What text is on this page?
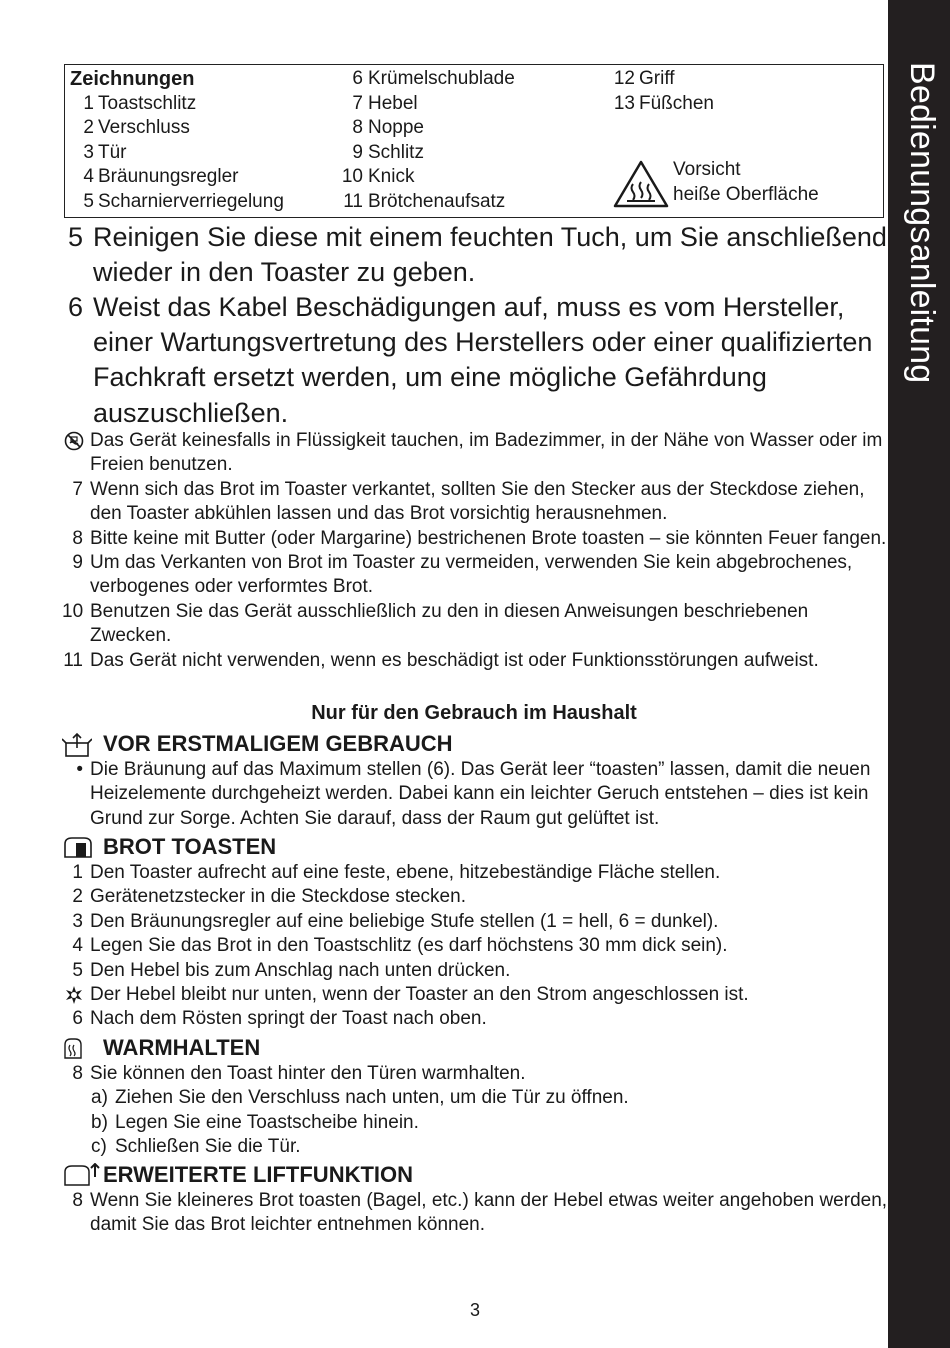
Bedienungsanleitung
Zeichnungen
1 Toastschlitz
2 Verschluss
3 Tür
4 Bräunungsregler
5 Scharnierverriegelung
6 Krümelschublade
7 Hebel
8 Noppe
9 Schlitz
10 Knick
11 Brötchenaufsatz
12 Griff
13 Füßchen
Vorsicht
heiße Oberfläche
5 Reinigen Sie diese mit einem feuchten Tuch, um Sie anschließend wieder in den Toaster zu geben.
6 Weist das Kabel Beschädigungen auf, muss es vom Hersteller, einer Wartungsvertretung des Herstellers oder einer qualifizierten Fachkraft ersetzt werden, um eine mögliche Gefährdung auszuschließen.
Das Gerät keinesfalls in Flüssigkeit tauchen, im Badezimmer, in der Nähe von Wasser oder im Freien benutzen.
7 Wenn sich das Brot im Toaster verkantet, sollten Sie den Stecker aus der Steckdose ziehen, den Toaster abkühlen lassen und das Brot vorsichtig herausnehmen.
8 Bitte keine mit Butter (oder Margarine) bestrichenen Brote toasten – sie könnten Feuer fangen.
9 Um das Verkanten von Brot im Toaster zu vermeiden, verwenden Sie kein abgebrochenes, verbogenes oder verformtes Brot.
10 Benutzen Sie das Gerät ausschließlich zu den in diesen Anweisungen beschriebenen Zwecken.
11 Das Gerät nicht verwenden, wenn es beschädigt ist oder Funktionsstörungen aufweist.
Nur für den Gebrauch im Haushalt
VOR ERSTMALIGEM GEBRAUCH
• Die Bräunung auf das Maximum stellen (6). Das Gerät leer “toasten” lassen, damit die neuen Heizelemente durchgeheizt werden. Dabei kann ein leichter Geruch entstehen – dies ist kein Grund zur Sorge. Achten Sie darauf, dass der Raum gut gelüftet ist.
BROT TOASTEN
1 Den Toaster aufrecht auf eine feste, ebene, hitzebeständige Fläche stellen.
2 Gerätenetzstecker in die Steckdose stecken.
3 Den Bräunungsregler auf eine beliebige Stufe stellen (1 = hell, 6 = dunkel).
4 Legen Sie das Brot in den Toastschlitz (es darf höchstens 30 mm dick sein).
5 Den Hebel bis zum Anschlag nach unten drücken.
Der Hebel bleibt nur unten, wenn der Toaster an den Strom angeschlossen ist.
6 Nach dem Rösten springt der Toast nach oben.
WARMHALTEN
8 Sie können den Toast hinter den Türen warmhalten.
a) Ziehen Sie den Verschluss nach unten, um die Tür zu öffnen.
b) Legen Sie eine Toastscheibe hinein.
c) Schließen Sie die Tür.
ERWEITERTE LIFTFUNKTION
8 Wenn Sie kleineres Brot toasten (Bagel, etc.) kann der Hebel etwas weiter angehoben werden, damit Sie das Brot leichter entnehmen können.
3
